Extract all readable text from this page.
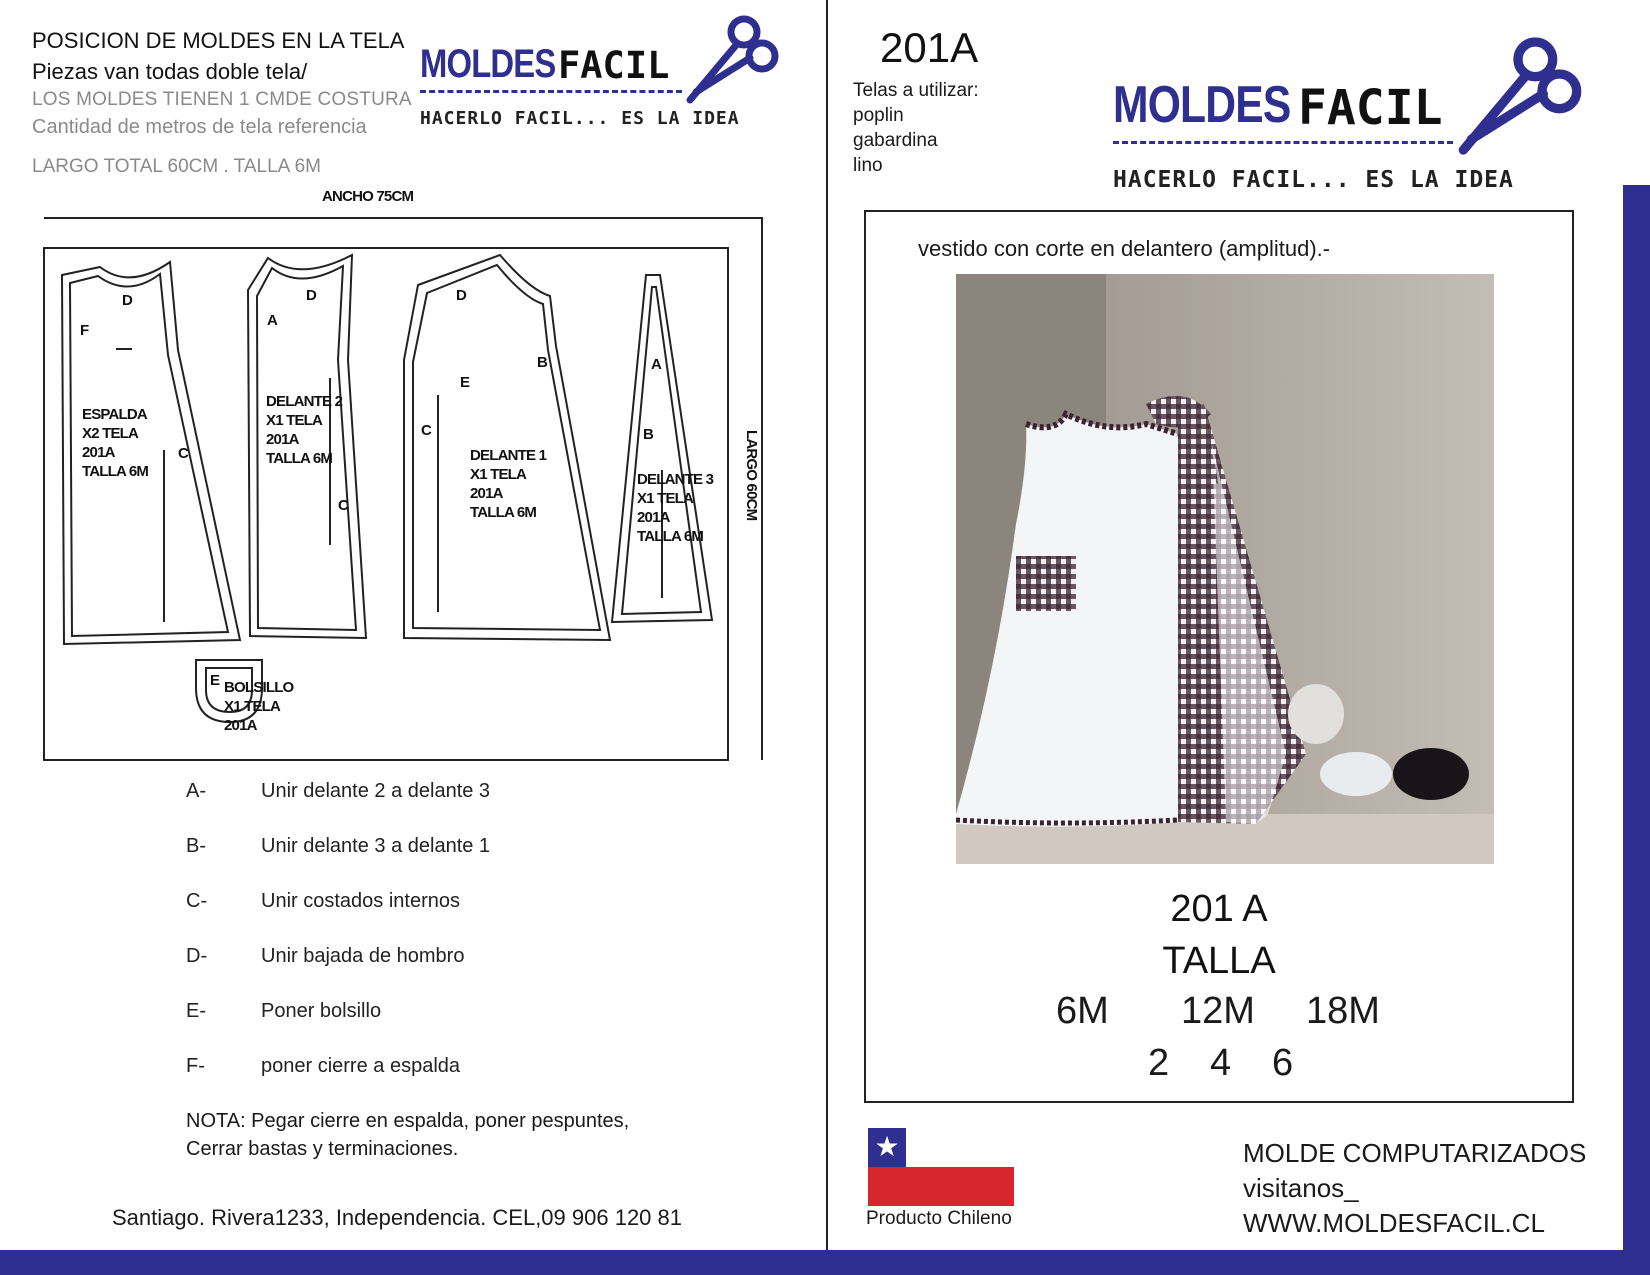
POSICION DE MOLDES EN LA TELA
Piezas van todas doble tela/
LOS MOLDES TIENEN 1 CMDE COSTURA
Cantidad de metros de tela referencia
LARGO TOTAL 60CM . TALLA 6M
MOLDES FACIL
HACERLO FACIL... ES LA IDEA
ANCHO 75CM
LARGO 60CM
ESPALDA
X2 TELA
201A
TALLA 6M
DELANTE 2
X1 TELA
201A
TALLA 6M	DELANTE 1
X1 TELA
201A
TALLA 6M
DELANTE 3
X1 TELA
201A
TALLA 6M
BOLSILLO
X1 TELA
201A
D
F
C
D
A
C
D
E
B
C
A
B
E
A-	Unir delante 2 a delante 3
B-	Unir delante 3 a delante 1
C-	Unir costados internos
D-	Unir bajada de hombro
E-	Poner bolsillo
F-	poner cierre a espalda
NOTA: Pegar cierre en espalda, poner pespuntes,
Cerrar bastas y terminaciones.
Santiago. Rivera1233, Independencia. CEL,09 906 120 81
201A
Telas a utilizar:
poplin
gabardina
lino
MOLDES FACIL
HACERLO FACIL... ES LA IDEA
vestido con corte en delantero (amplitud).-
201 A
TALLA
6M 12M 18M
2 4 6
★
Producto Chileno
MOLDE COMPUTARIZADOS
visitanos_
WWW.MOLDESFACIL.CL
